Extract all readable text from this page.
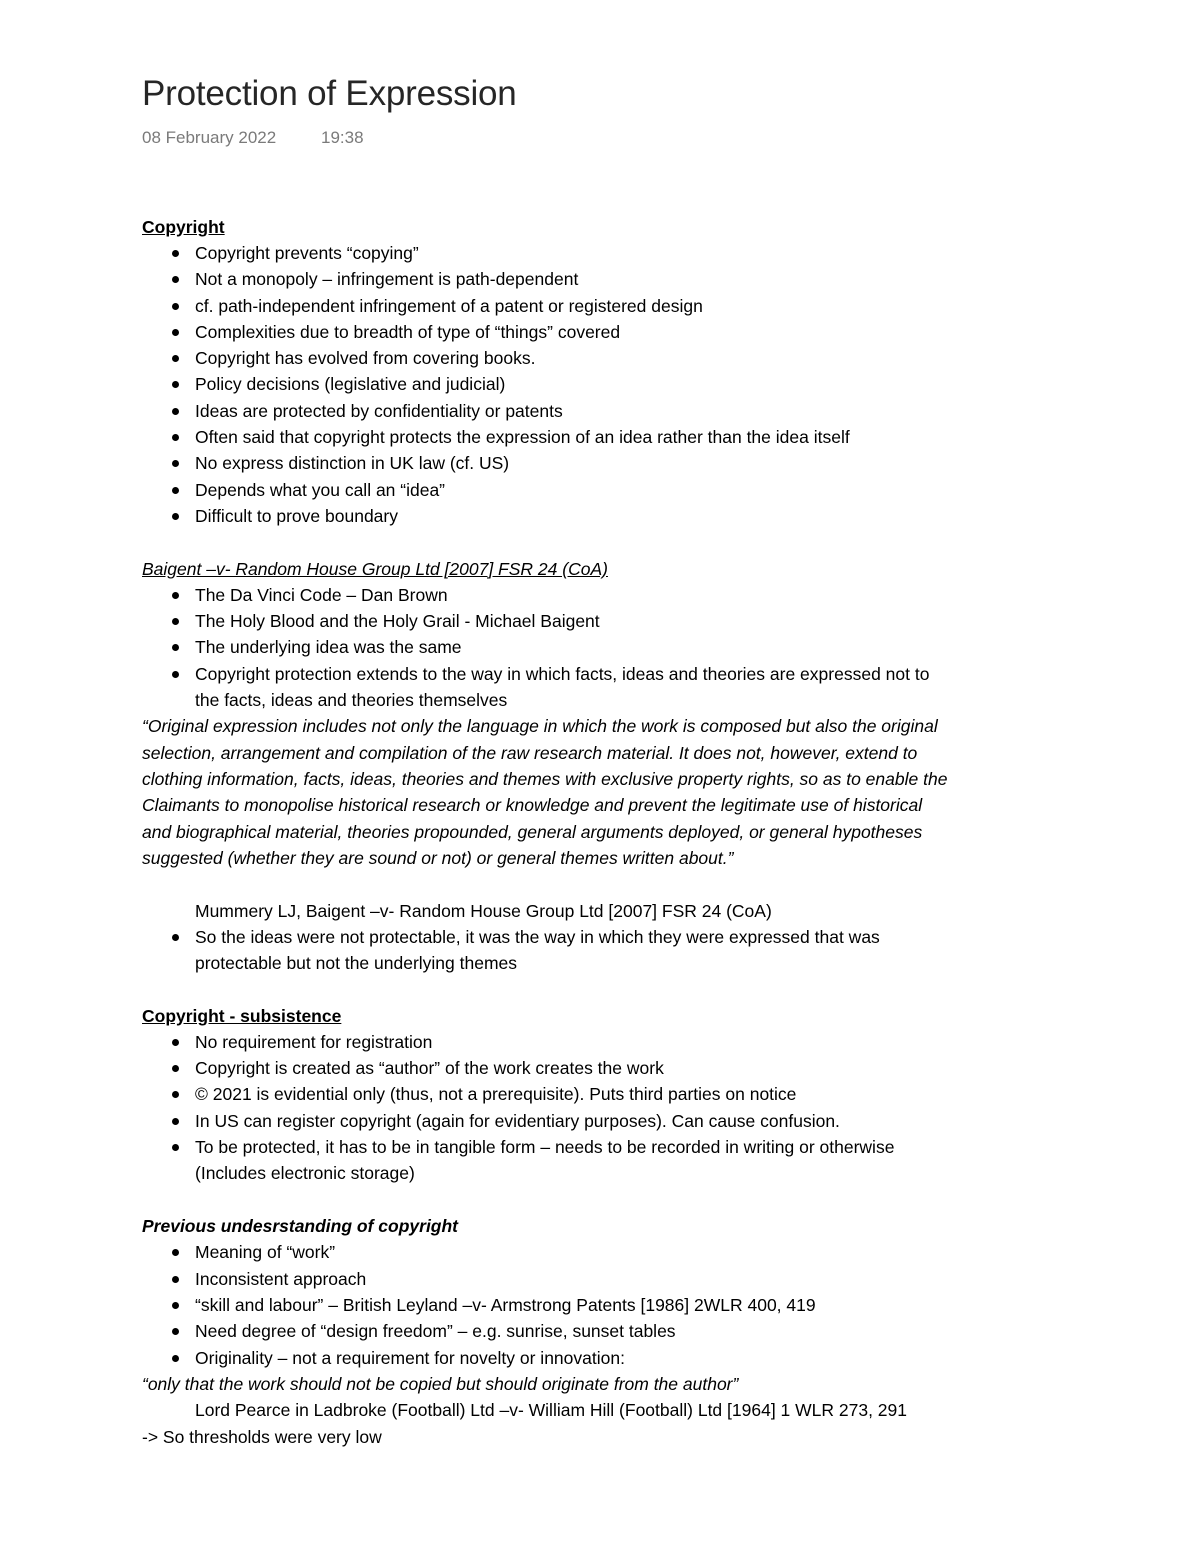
Protection of Expression
08 February 2022	19:38
Copyright
Copyright prevents “copying”
Not a monopoly – infringement is path-dependent
cf. path-independent infringement of a patent or registered design
Complexities due to breadth of type of “things” covered
Copyright has evolved from covering books.
Policy decisions (legislative and judicial)
Ideas are protected by confidentiality or patents
Often said that copyright protects the expression of an idea rather than the idea itself
No express distinction in UK law (cf. US)
Depends what you call an “idea”
Difficult to prove boundary
Baigent –v- Random House Group Ltd [2007] FSR 24 (CoA)
The Da Vinci Code – Dan Brown
The Holy Blood and the Holy Grail - Michael Baigent
The underlying idea was the same
Copyright protection extends to the way in which facts, ideas and theories are expressed not to
the facts, ideas and theories themselves
“Original expression includes not only the language in which the work is composed but also the original
selection, arrangement and compilation of the raw research material. It does not, however, extend to
clothing information, facts, ideas, theories and themes with exclusive property rights, so as to enable the
Claimants to monopolise historical research or knowledge and prevent the legitimate use of historical
and biographical material, theories propounded, general arguments deployed, or general hypotheses
suggested (whether they are sound or not) or general themes written about.”
Mummery LJ, Baigent –v- Random House Group Ltd [2007] FSR 24 (CoA)
So the ideas were not protectable, it was the way in which they were expressed that was
protectable but not the underlying themes
Copyright - subsistence
No requirement for registration
Copyright is created as “author” of the work creates the work
© 2021 is evidential only (thus, not a prerequisite). Puts third parties on notice
In US can register copyright (again for evidentiary purposes). Can cause confusion.
To be protected, it has to be in tangible form – needs to be recorded in writing or otherwise
(Includes electronic storage)
Previous undesrstanding of copyright
Meaning of “work”
Inconsistent approach
“skill and labour” – British Leyland –v- Armstrong Patents [1986] 2WLR 400, 419
Need degree of “design freedom” – e.g. sunrise, sunset tables
Originality – not a requirement for novelty or innovation:
“only that the work should not be copied but should originate from the author”
Lord Pearce in Ladbroke (Football) Ltd –v- William Hill (Football) Ltd [1964] 1 WLR 273, 291
-> So thresholds were very low
